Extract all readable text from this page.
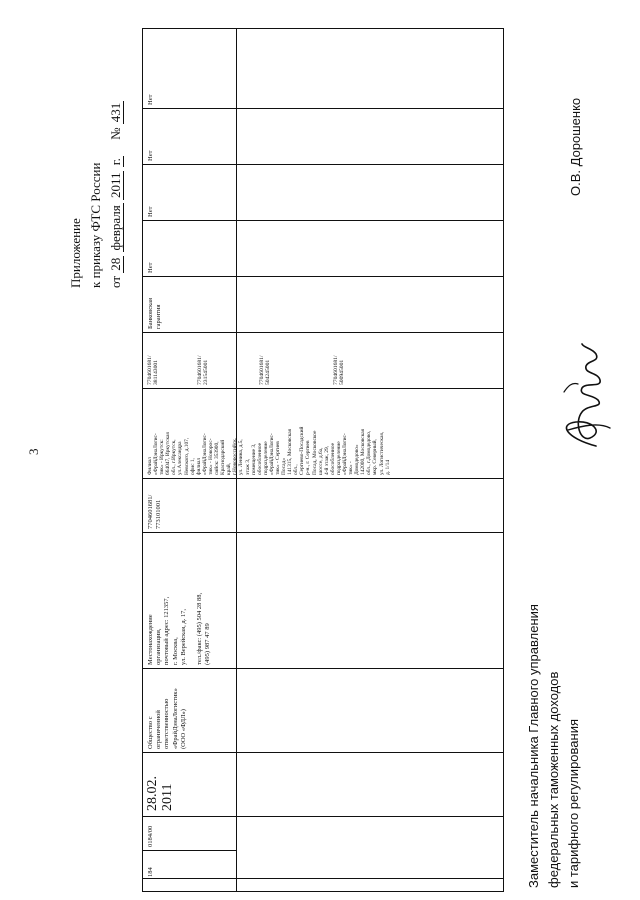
3
Приложение к приказу ФТС России от 28 февраля 2011 г.     № 431
184
0184/00
28.02.
2011
Общество с
ограниченной
ответственностью
«ФрайДэнаЛогистик»
(ООО «ФДЛ»)
Местонахождение
организации,
почтовый адрес: 121357,
г. Москва,
ул. Верейская, д. 17,

тел./факс: (495) 504 28 88,
(495) 987 47 89
7704601681/
773101001
Филиал
«ФрайДэнаЛогис-
тик» - Иркутск:
664047, Иркутская
обл., г.Иркутск,
ул.Александра
Невского, д.107,
офис 1,
филиал
«ФрайДэнаЛогис-
тик» - Новорос-
сийск: 353900,
Краснодарский
край,
г.Новороссийск,
ул. Ленина, д.5,
этаж 3,
помещение 3,
обособленное
подразделение
«ФрайДэнаЛогис-
тик» - Сергиев
Посад»
141315, Московская
обл.,
Сергиево-Посадский
р-н., г. Сергиев
Посад, Московское
шоссе, д.6а,
4-й этаж, 29,
обособленное
подразделение
«ФрайДэнаЛогис-
тик» -
Домодедово»
142000, Московская
обл., г.Домодедово,
мкр. Северный,
ул. Логистическая,
д. 1/14
7704601681/
381143001

7704601681/
231545001

7704601681/
504245001

7704601681/
500945001
Банковская
гарантия
Нет
Нет
Нет
Нет
Заместитель начальника Главного управления
федеральных таможенных доходов
и тарифного регулирования
О.В. Дорошенко
